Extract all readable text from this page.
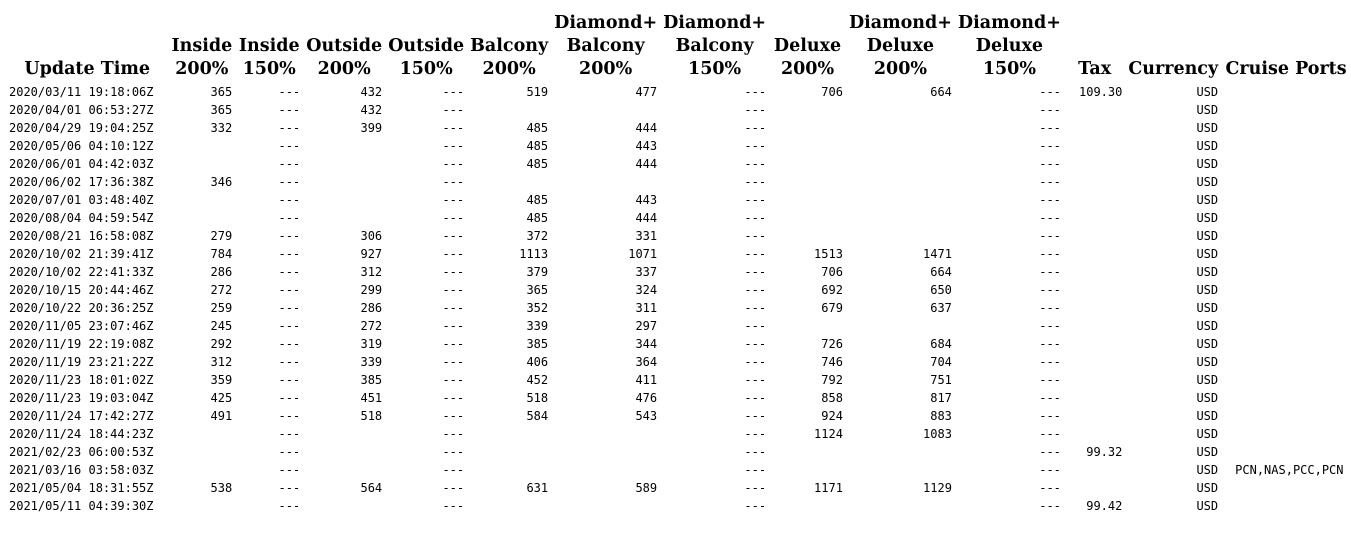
Update Time	Inside 200%	Inside 150%	Outside 200%	Outside 150%	Balcony 200%	Diamond+ Balcony 200%	Diamond+ Balcony 150%	Deluxe 200%	Diamond+ Deluxe 200%	Diamond+ Deluxe 150%	Tax	Currency	Cruise Ports
2020/03/11 19:18:06Z	365	---	432	---	519	477	---	706	664	---	109.30	USD	
2020/04/01 06:53:27Z	365	---	432	---			---			---		USD	
2020/04/29 19:04:25Z	332	---	399	---	485	444	---			---		USD	
2020/05/06 04:10:12Z		---		---	485	443	---			---		USD	
2020/06/01 04:42:03Z		---		---	485	444	---			---		USD	
2020/06/02 17:36:38Z	346	---		---			---			---		USD	
2020/07/01 03:48:40Z		---		---	485	443	---			---		USD	
2020/08/04 04:59:54Z		---		---	485	444	---			---		USD	
2020/08/21 16:58:08Z	279	---	306	---	372	331	---			---		USD	
2020/10/02 21:39:41Z	784	---	927	---	1113	1071	---	1513	1471	---		USD	
2020/10/02 22:41:33Z	286	---	312	---	379	337	---	706	664	---		USD	
2020/10/15 20:44:46Z	272	---	299	---	365	324	---	692	650	---		USD	
2020/10/22 20:36:25Z	259	---	286	---	352	311	---	679	637	---		USD	
2020/11/05 23:07:46Z	245	---	272	---	339	297	---			---		USD	
2020/11/19 22:19:08Z	292	---	319	---	385	344	---	726	684	---		USD	
2020/11/19 23:21:22Z	312	---	339	---	406	364	---	746	704	---		USD	
2020/11/23 18:01:02Z	359	---	385	---	452	411	---	792	751	---		USD	
2020/11/23 19:03:04Z	425	---	451	---	518	476	---	858	817	---		USD	
2020/11/24 17:42:27Z	491	---	518	---	584	543	---	924	883	---		USD	
2020/11/24 18:44:23Z		---		---			---	1124	1083	---		USD	
2021/02/23 06:00:53Z		---		---			---			---	99.32	USD	
2021/03/16 03:58:03Z		---		---			---			---		USD	PCN,NAS,PCC,PCN
2021/05/04 18:31:55Z	538	---	564	---	631	589	---	1171	1129	---		USD	
2021/05/11 04:39:30Z		---		---			---			---	99.42	USD	
